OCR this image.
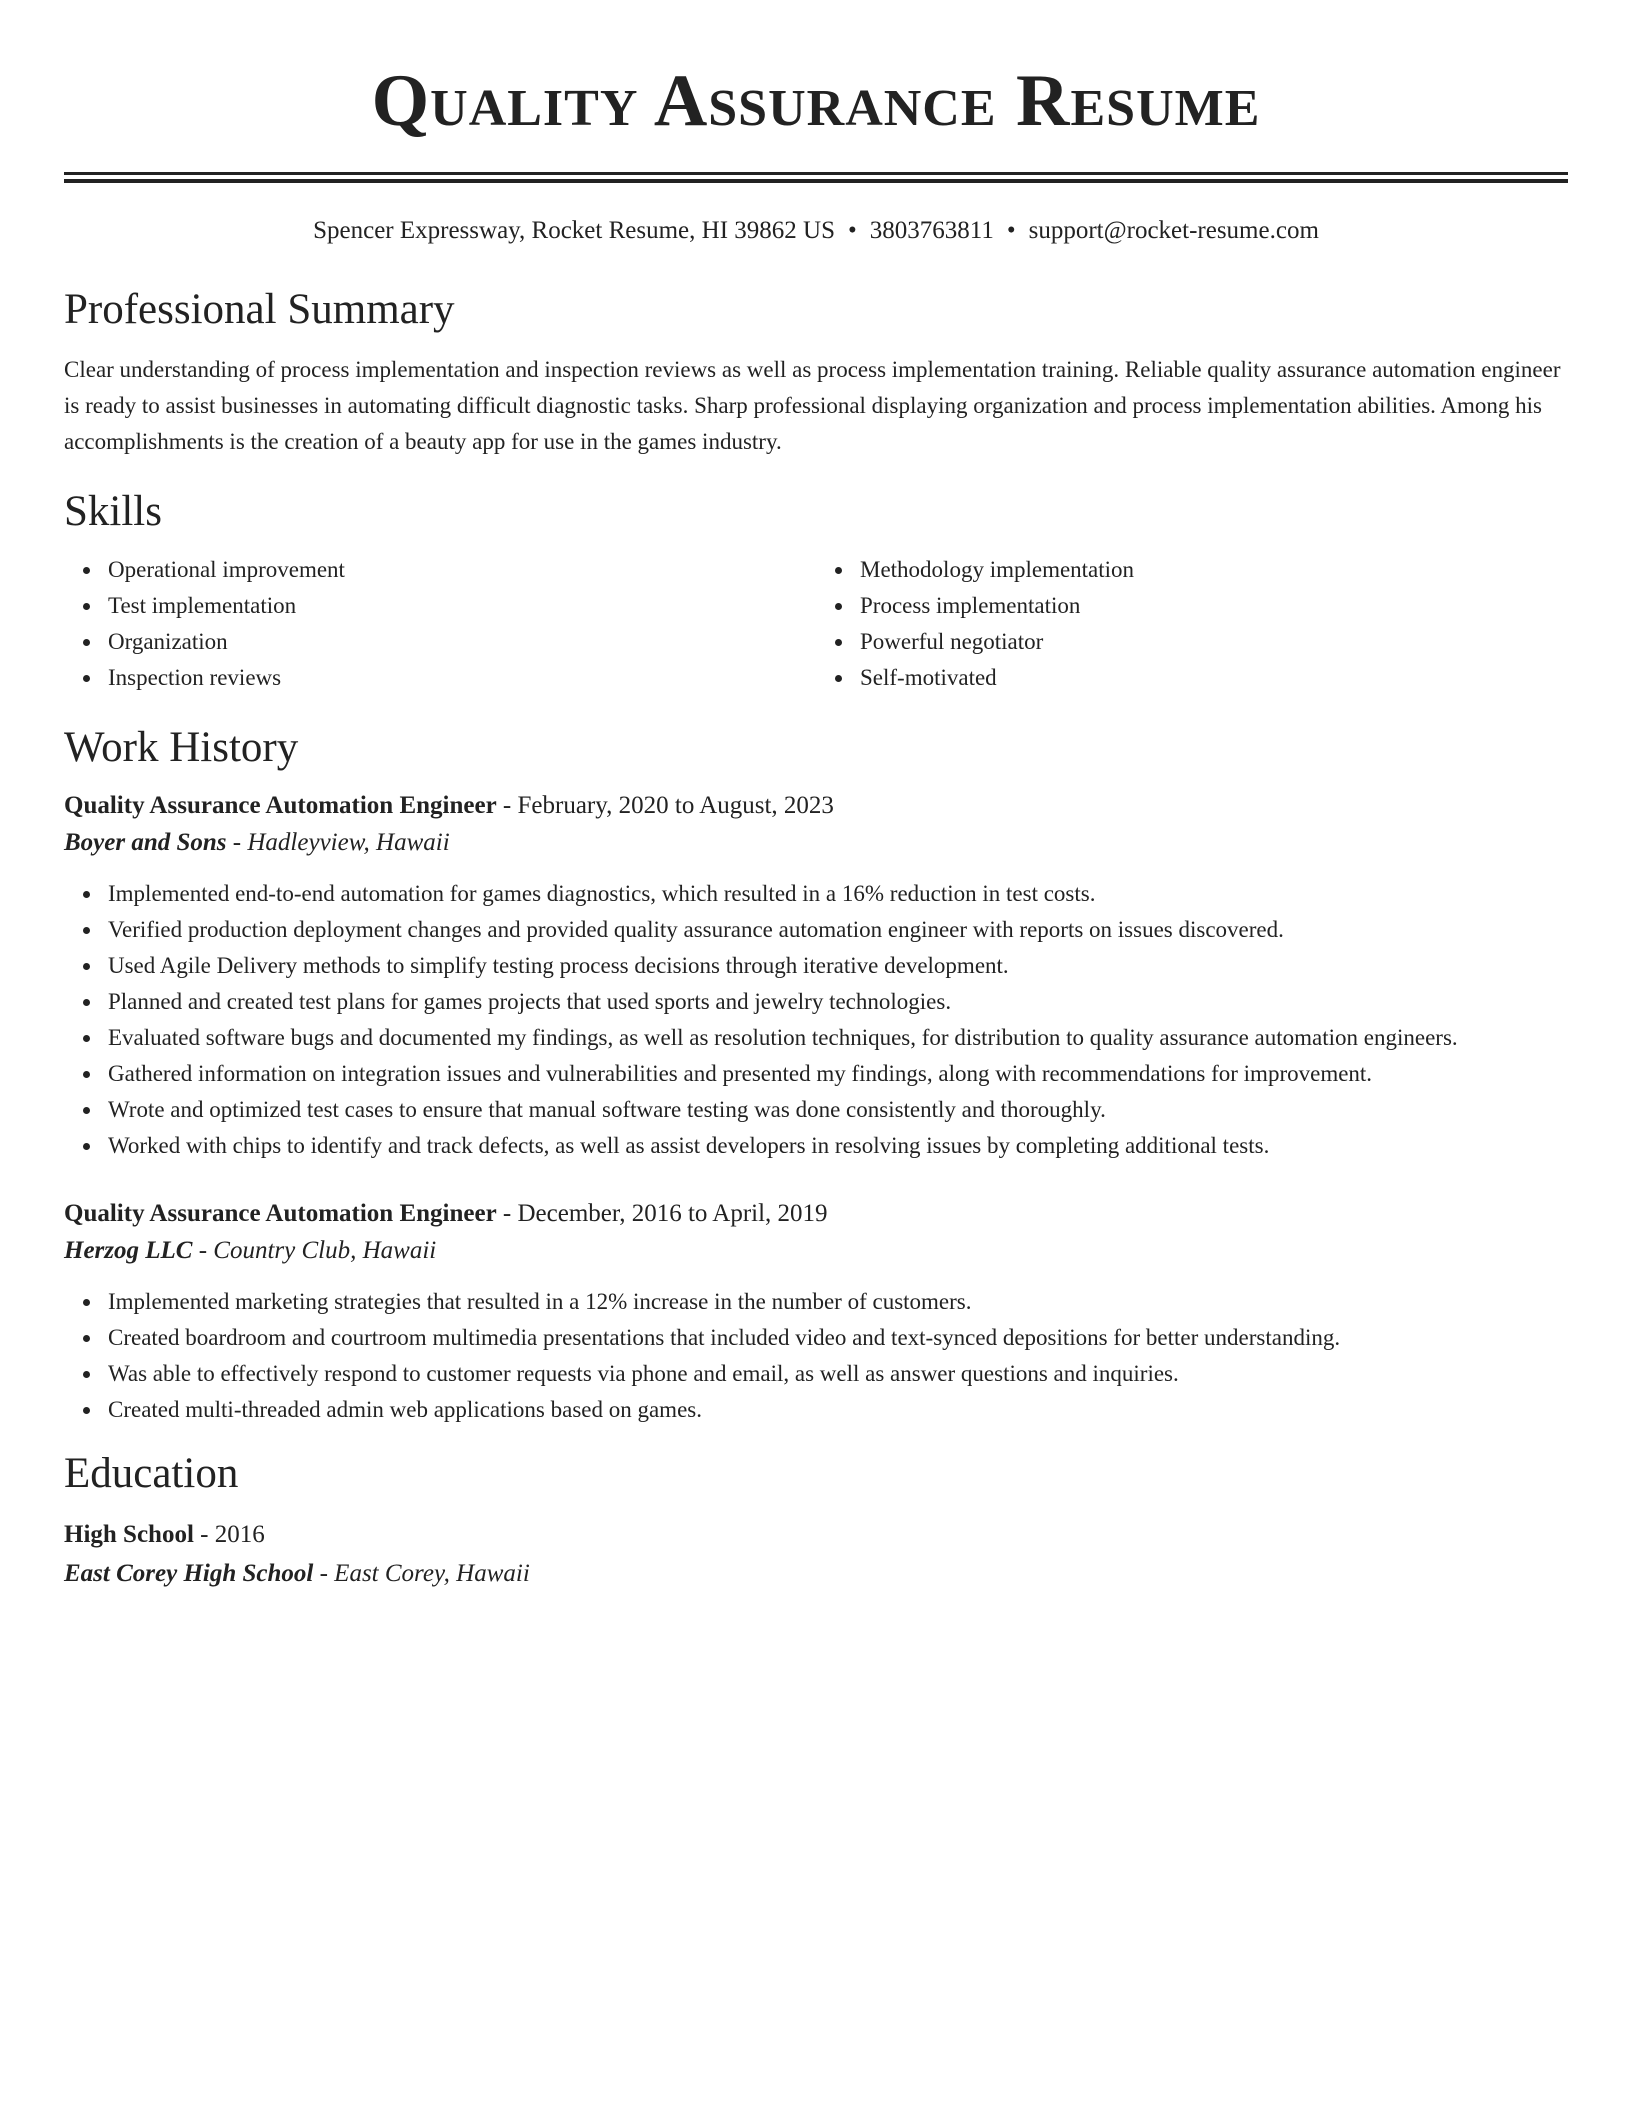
Quality Assurance Resume
Spencer Expressway, Rocket Resume, HI 39862 US • 3803763811 • support@rocket-resume.com
Professional Summary

Clear understanding of process implementation and inspection reviews as well as process implementation training. Reliable quality assurance automation engineer is ready to assist businesses in automating difficult diagnostic tasks. Sharp professional displaying organization and process implementation abilities. Among his accomplishments is the creation of a beauty app for use in the games industry.

Skills
Operational improvement
Test implementation
Organization
Inspection reviews
Methodology implementation
Process implementation
Powerful negotiator
Self-motivated
Work History
Quality Assurance Automation Engineer - February, 2020 to August, 2023
Boyer and Sons - Hadleyview, Hawaii
Implemented end-to-end automation for games diagnostics, which resulted in a 16% reduction in test costs.
Verified production deployment changes and provided quality assurance automation engineer with reports on issues discovered.
Used Agile Delivery methods to simplify testing process decisions through iterative development.
Planned and created test plans for games projects that used sports and jewelry technologies.
Evaluated software bugs and documented my findings, as well as resolution techniques, for distribution to quality assurance automation engineers.
Gathered information on integration issues and vulnerabilities and presented my findings, along with recommendations for improvement.
Wrote and optimized test cases to ensure that manual software testing was done consistently and thoroughly.
Worked with chips to identify and track defects, as well as assist developers in resolving issues by completing additional tests.
Quality Assurance Automation Engineer - December, 2016 to April, 2019
Herzog LLC - Country Club, Hawaii
Implemented marketing strategies that resulted in a 12% increase in the number of customers.
Created boardroom and courtroom multimedia presentations that included video and text-synced depositions for better understanding.
Was able to effectively respond to customer requests via phone and email, as well as answer questions and inquiries.
Created multi-threaded admin web applications based on games.
Education
High School - 2016
East Corey High School - East Corey, Hawaii
